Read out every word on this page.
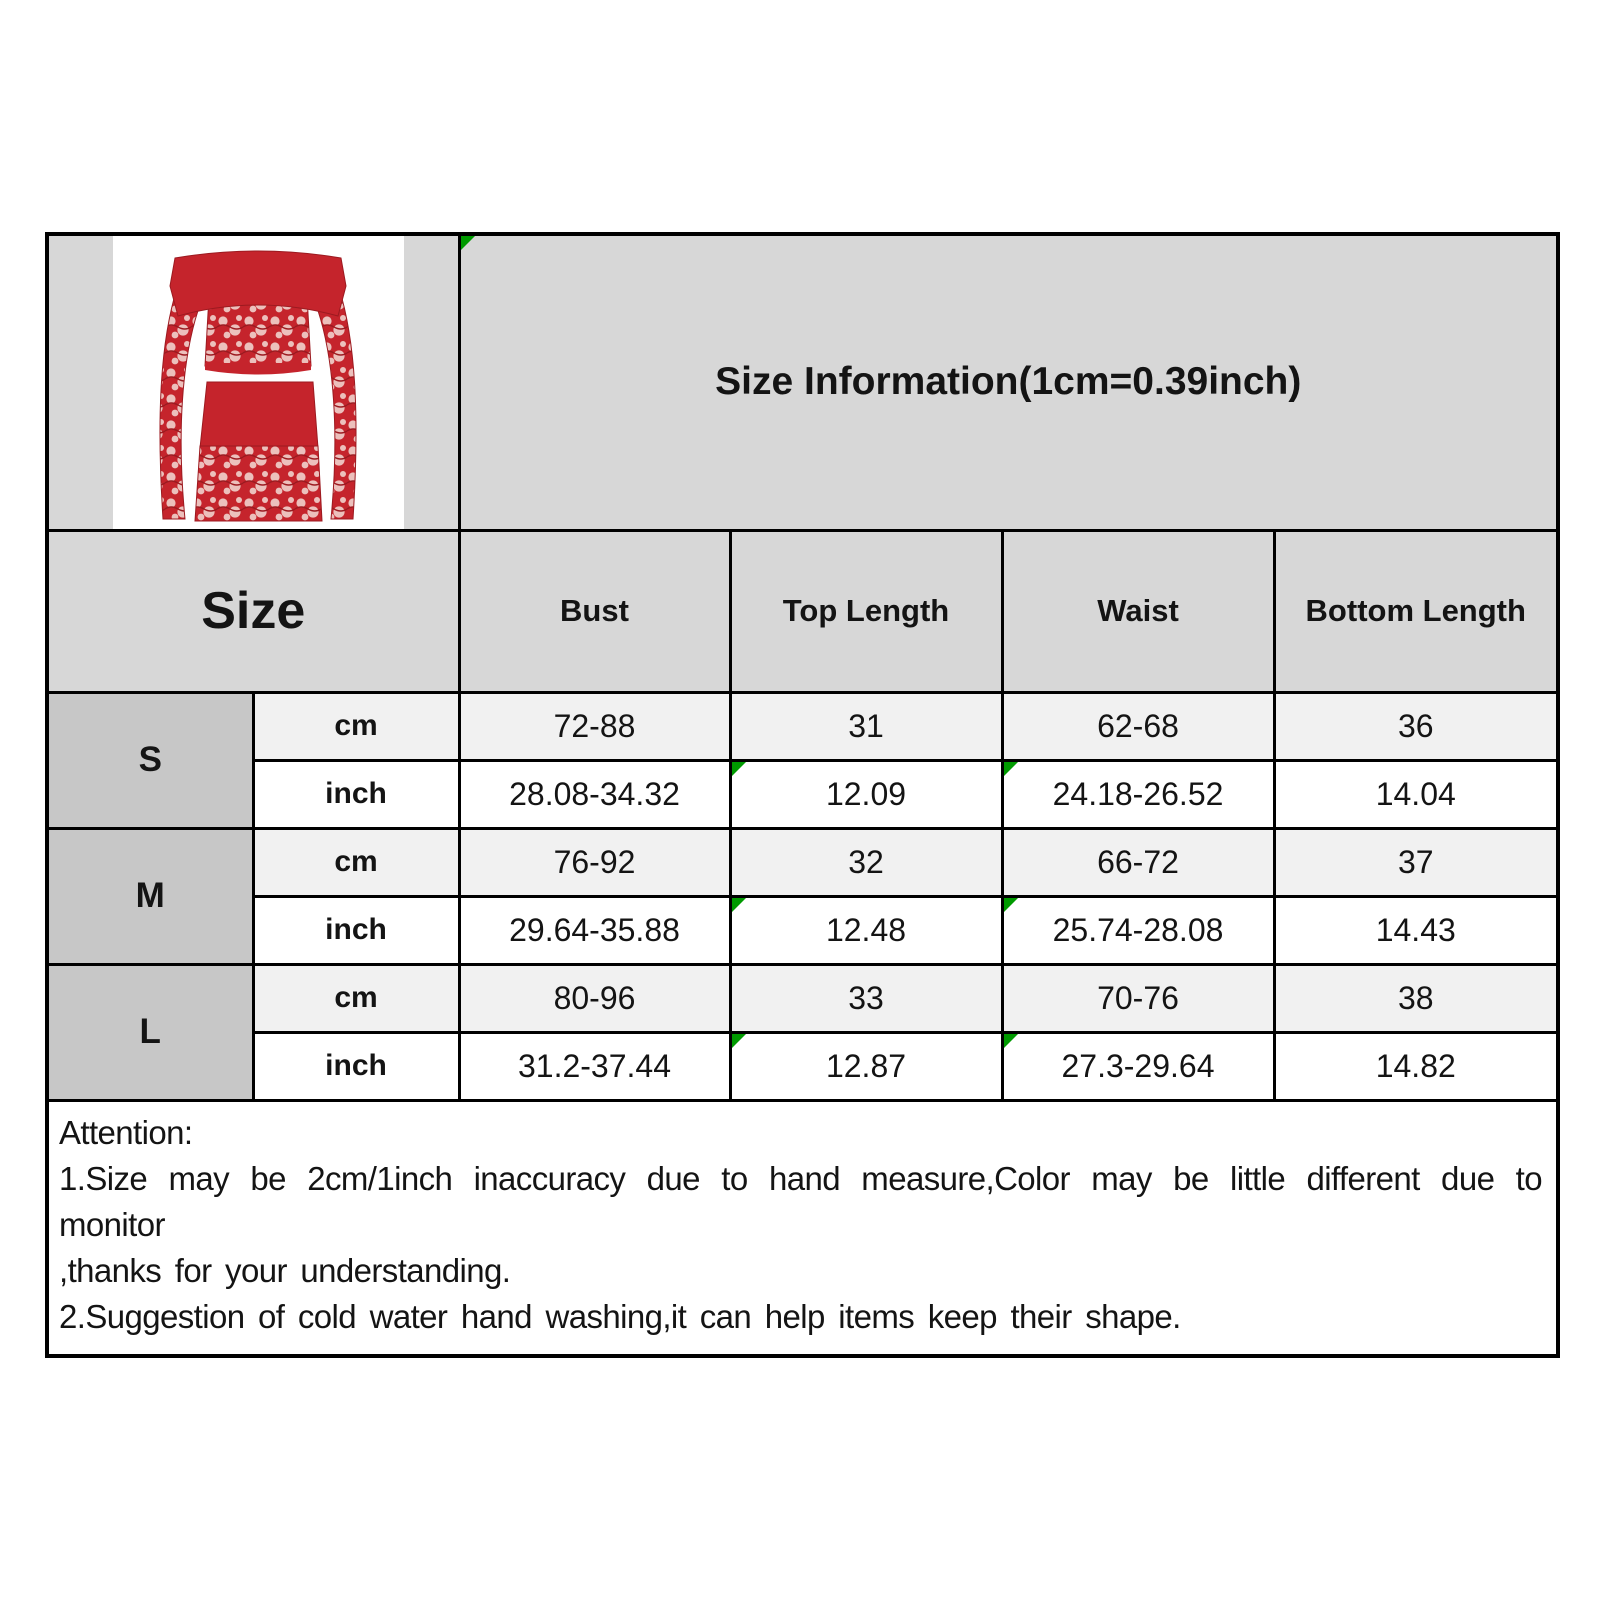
Size Information(1cm=0.39inch)			
Size		Bust	Top Length	Waist	Bottom Length
S	cm	72-88	31	62-68	36
	inch	28.08-34.32	12.09	24.18-26.52	14.04
M	cm	76-92	32	66-72	37
	inch	29.64-35.88	12.48	25.74-28.08	14.43
L	cm	80-96	33	70-76	38
	inch	31.2-37.44	12.87	27.3-29.64	14.82

Attention:
1.Size may be 2cm/1inch inaccuracy due to hand measure,Color may be little different due to monitor
,thanks for your understanding.
2.Suggestion of cold water hand washing,it can help items keep their shape.					
